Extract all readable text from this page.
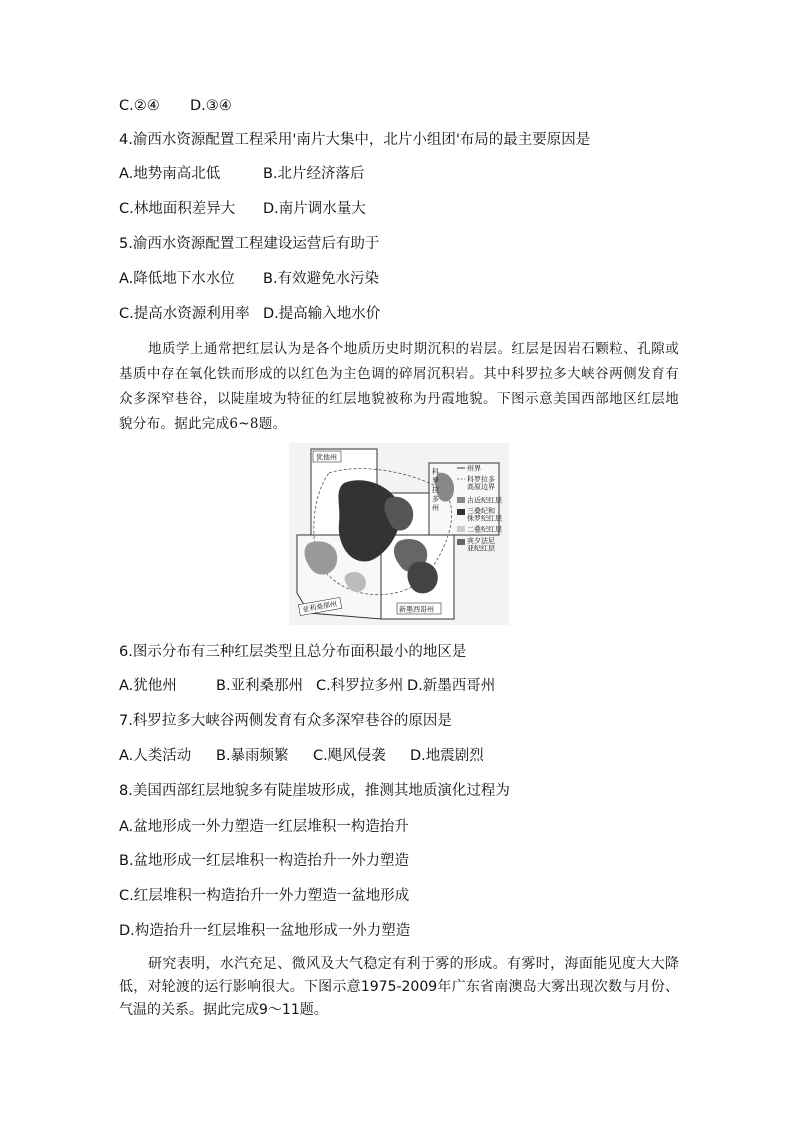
C.②④ D.③④
4.渝西水资源配置工程采用'南片大集中，北片小组团'布局的最主要原因是
A.地势南高北低	B.北片经济落后
C.林地面积差异大 D.南片调水量大
5.渝西水资源配置工程建设运营后有助于
A.降低地下水水位 B.有效避免水污染
C.提高水资源利用率 D.提高输入地水价
地质学上通常把红层认为是各个地质历史时期沉积的岩层。红层是因岩石颗粒、孔隙或基质中存在氧化铁而形成的以红色为主色调的碎屑沉积岩。其中科罗拉多大峡谷两侧发育有众多深窄巷谷，以陡崖坡为特征的红层地貌被称为丹霞地貌。下图示意美国西部地区红层地貌分布。据此完成6~8题。
犹他州
科
罗
拉
多
州
亚利桑那州	新墨西哥州
州界
科罗拉多
高原边界
古近纪红层
三叠纪和
侏罗纪红层
二叠纪红层
宾夕法尼
亚纪红层
6.图示分布有三种红层类型且总分布面积最小的地区是
A.犹他州	B.亚利桑那州 C.科罗拉多州 D.新墨西哥州
7.科罗拉多大峡谷两侧发育有众多深窄巷谷的原因是
A.人类活动 B.暴雨频繁 C.飓风侵袭 D.地震剧烈
8.美国西部红层地貌多有陡崖坡形成，推测其地质演化过程为
A.盆地形成一外力塑造一红层堆积一构造抬升
B.盆地形成一红层堆积一构造抬升一外力塑造
C.红层堆积一构造抬升一外力塑造一盆地形成
D.构造抬升一红层堆积一盆地形成一外力塑造
研究表明，水汽充足、微风及大气稳定有利于雾的形成。有雾时，海面能见度大大降低，对轮渡的运行影响很大。下图示意1975-2009年广东省南澳岛大雾出现次数与月份、气温的关系。据此完成9～11题。
